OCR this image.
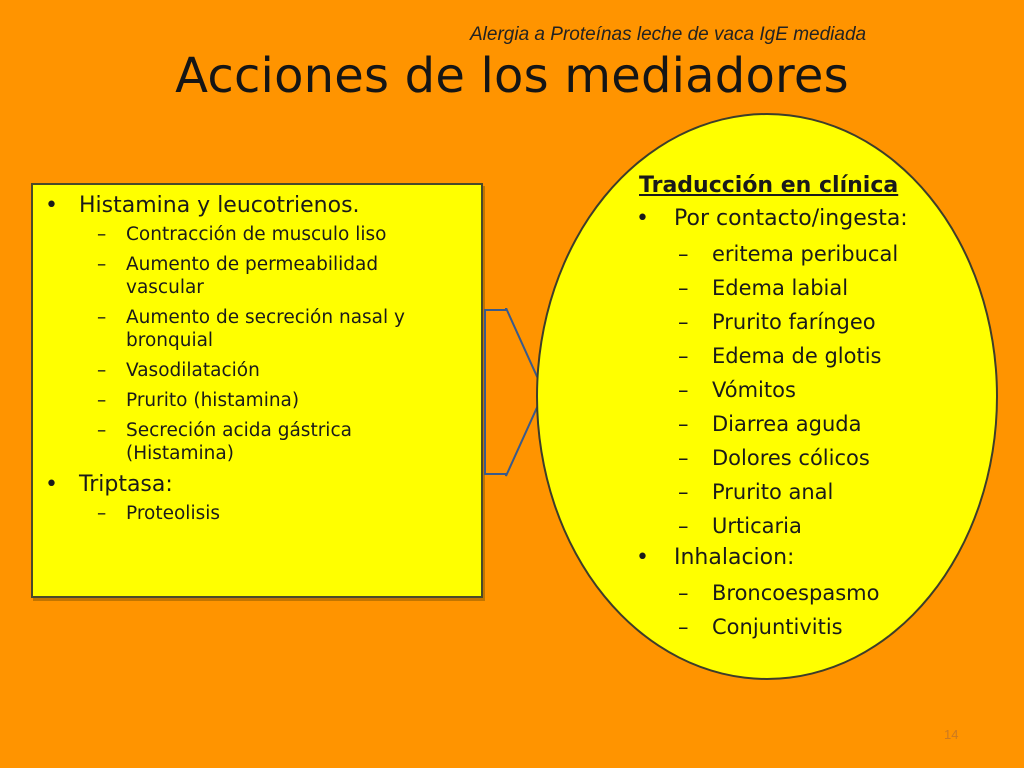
Alergia a Proteínas leche de vaca IgE mediada
Acciones de los mediadores
• Histamina y leucotrienos.
– Contracción de musculo liso
– Aumento de permeabilidad vascular
– Aumento de secreción nasal y bronquial
– Vasodilatación
– Prurito (histamina)
– Secreción acida gástrica (Histamina)
• Triptasa:
– Proteolisis
Traducción en clínica
• Por contacto/ingesta:
– eritema peribucal
– Edema labial
– Prurito faríngeo
– Edema de glotis
– Vómitos
– Diarrea aguda
– Dolores cólicos
– Prurito anal
– Urticaria
• Inhalacion:
– Broncoespasmo
– Conjuntivitis
14
